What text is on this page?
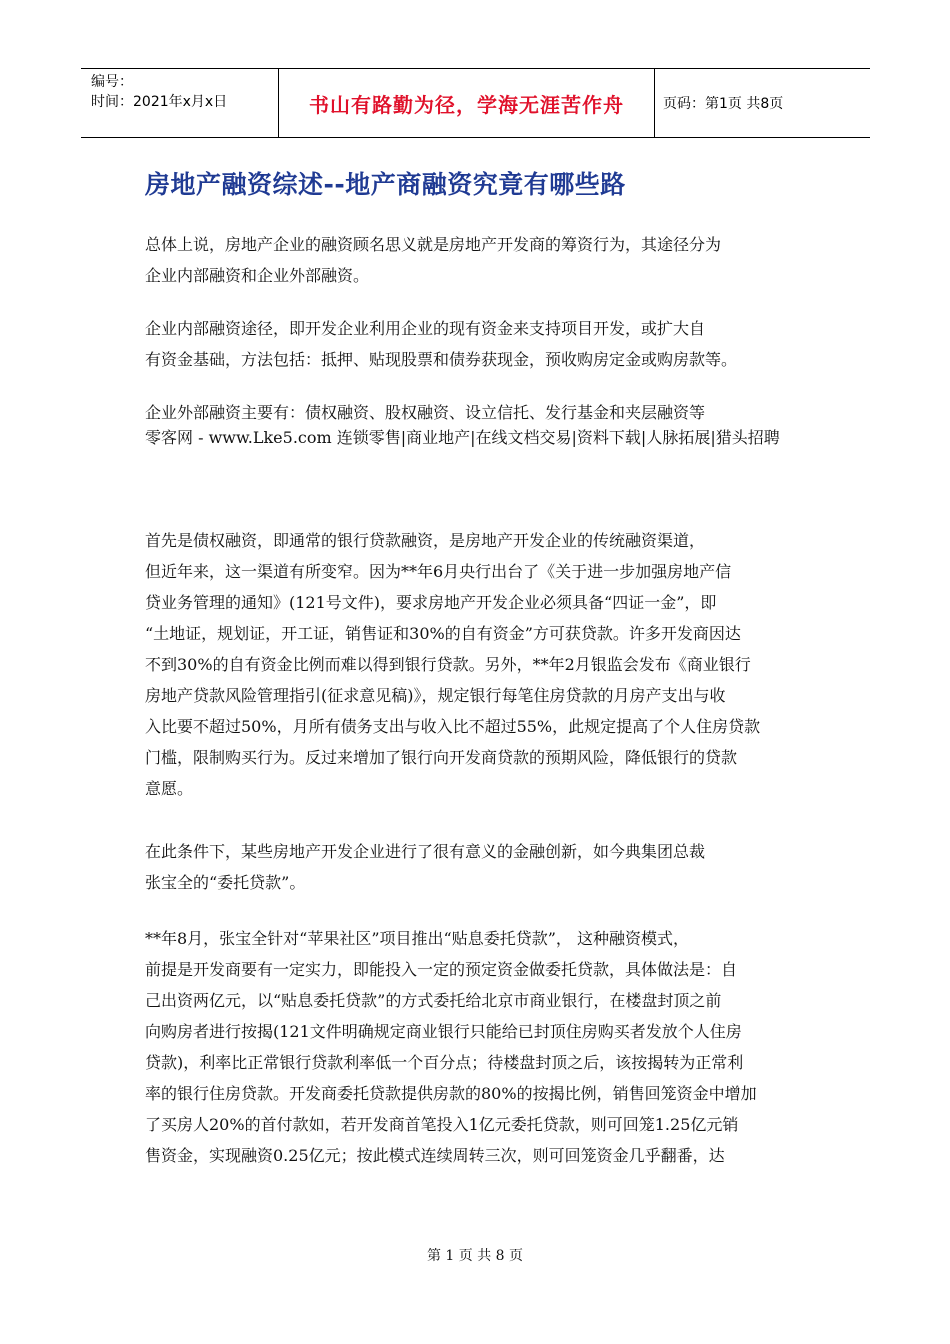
编号：
时间：2021年x月x日	书山有路勤为径，学海无涯苦作舟	页码：第1页 共8页
房地产融资综述--地产商融资究竟有哪些路

总体上说，房地产企业的融资顾名思义就是房地产开发商的筹资行为，其途径分为
企业内部融资和企业外部融资。

企业内部融资途径，即开发企业利用企业的现有资金来支持项目开发，或扩大自
有资金基础，方法包括：抵押、贴现股票和债券获现金，预收购房定金或购房款等。

企业外部融资主要有：债权融资、股权融资、设立信托、发行基金和夹层融资等

零客网 - www.Lke5.com 连锁零售|商业地产|在线文档交易|资料下载|人脉拓展|猎头招聘

首先是债权融资，即通常的银行贷款融资，是房地产开发企业的传统融资渠道，
但近年来，这一渠道有所变窄。因为**年6月央行出台了《关于进一步加强房地产信
贷业务管理的通知》(121号文件)，要求房地产开发企业必须具备“四证一金”，即
“土地证，规划证，开工证，销售证和30%的自有资金”方可获贷款。许多开发商因达
不到30%的自有资金比例而难以得到银行贷款。另外，**年2月银监会发布《商业银行
房地产贷款风险管理指引(征求意见稿)》，规定银行每笔住房贷款的月房产支出与收
入比要不超过50%，月所有债务支出与收入比不超过55%，此规定提高了个人住房贷款
门槛，限制购买行为。反过来增加了银行向开发商贷款的预期风险，降低银行的贷款
意愿。

在此条件下，某些房地产开发企业进行了很有意义的金融创新，如今典集团总裁
张宝全的“委托贷款”。

**年8月，张宝全针对“苹果社区”项目推出“贴息委托贷款”， 这种融资模式，
前提是开发商要有一定实力，即能投入一定的预定资金做委托贷款，具体做法是：自
己出资两亿元，以“贴息委托贷款”的方式委托给北京市商业银行，在楼盘封顶之前
向购房者进行按揭(121文件明确规定商业银行只能给已封顶住房购买者发放个人住房
贷款)，利率比正常银行贷款利率低一个百分点；待楼盘封顶之后，该按揭转为正常利
率的银行住房贷款。开发商委托贷款提供房款的80%的按揭比例，销售回笼资金中增加
了买房人20%的首付款如，若开发商首笔投入1亿元委托贷款，则可回笼1.25亿元销
售资金，实现融资0.25亿元；按此模式连续周转三次，则可回笼资金几乎翻番，达

第 1 页 共 8 页
